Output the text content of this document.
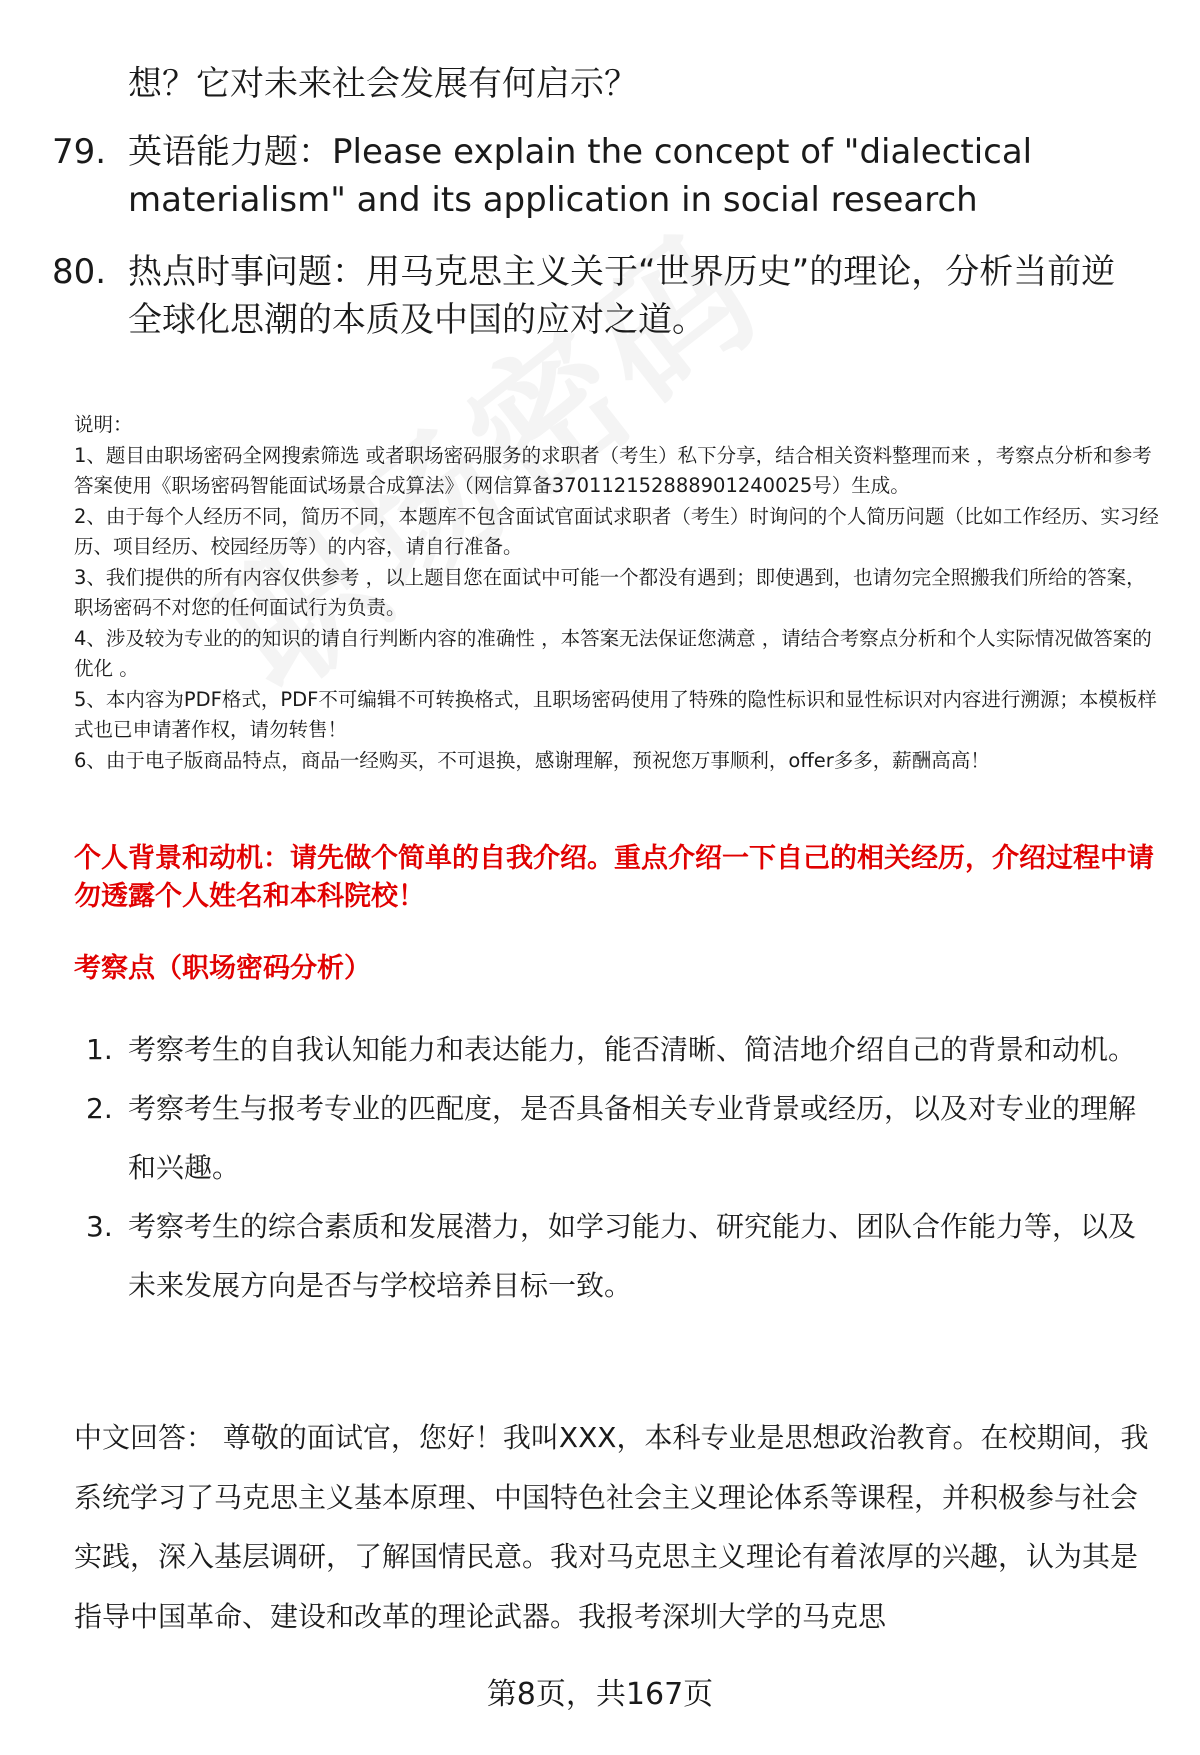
想？它对未来社会发展有何启示？
79. 英语能力题：Please explain the concept of "dialectical materialism" and its application in social research
80. 热点时事问题：用马克思主义关于“世界历史”的理论，分析当前逆全球化思潮的本质及中国的应对之道。

说明：

1、题目由职场密码全网搜索筛选 或者职场密码服务的求职者（考生）私下分享，结合相关资料整理而来 ，考察点分析和参考答案使用《职场密码智能面试场景合成算法》（网信算备370112152888901240025号）生成。

2、由于每个人经历不同，简历不同，本题库不包含面试官面试求职者（考生）时询问的个人简历问题（比如工作经历、实习经历、项目经历、校园经历等）的内容，请自行准备。

3、我们提供的所有内容仅供参考 ，以上题目您在面试中可能一个都没有遇到；即使遇到，也请勿完全照搬我们所给的答案，职场密码不对您的任何面试行为负责。

4、涉及较为专业的的知识的请自行判断内容的准确性 ，本答案无法保证您满意 ，请结合考察点分析和个人实际情况做答案的优化 。

5、本内容为PDF格式，PDF不可编辑不可转换格式，且职场密码使用了特殊的隐性标识和显性标识对内容进行溯源；本模板样式也已申请著作权，请勿转售！

6、由于电子版商品特点，商品一经购买，不可退换，感谢理解，预祝您万事顺利，offer多多，薪酬高高！

个人背景和动机：请先做个简单的自我介绍。重点介绍一下自己的相关经历，介绍过程中请勿透露个人姓名和本科院校！
考察点（职场密码分析）
1. 考察考生的自我认知能力和表达能力，能否清晰、简洁地介绍自己的背景和动机。
2. 考察考生与报考专业的匹配度，是否具备相关专业背景或经历，以及对专业的理解和兴趣。
3. 考察考生的综合素质和发展潜力，如学习能力、研究能力、团队合作能力等，以及未来发展方向是否与学校培养目标一致。
中文回答： 尊敬的面试官，您好！我叫XXX，本科专业是思想政治教育。在校期间，我系统学习了马克思主义基本原理、中国特色社会主义理论体系等课程，并积极参与社会实践，深入基层调研，了解国情民意。我对马克思主义理论有着浓厚的兴趣，认为其是指导中国革命、建设和改革的理论武器。我报考深圳大学的马克思
第8页，共167页
